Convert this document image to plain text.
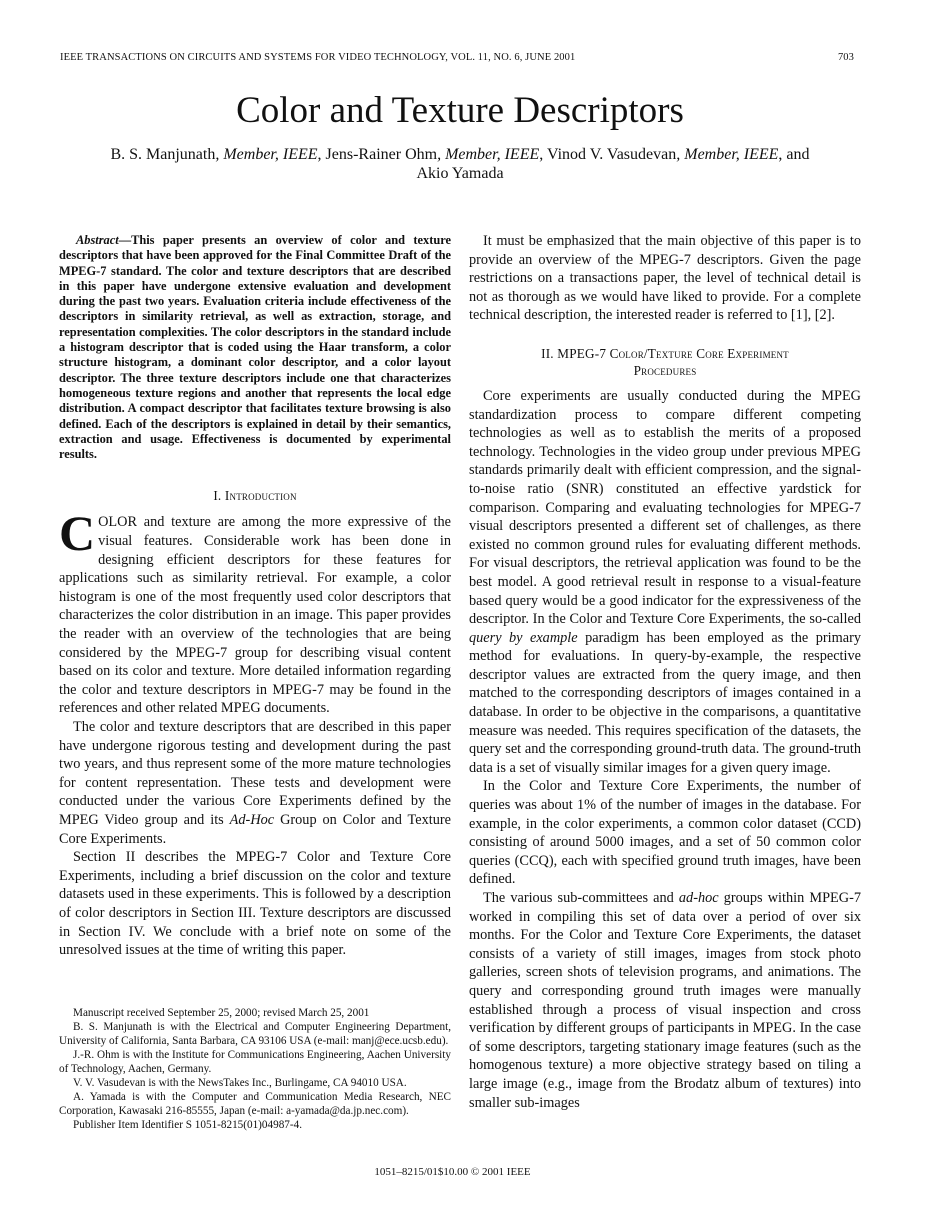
IEEE TRANSACTIONS ON CIRCUITS AND SYSTEMS FOR VIDEO TECHNOLOGY, VOL. 11, NO. 6, JUNE 2001	703
Color and Texture Descriptors
B. S. Manjunath, Member, IEEE, Jens-Rainer Ohm, Member, IEEE, Vinod V. Vasudevan, Member, IEEE, and
Akio Yamada

Abstract—This paper presents an overview of color and texture descriptors that have been approved for the Final Committee Draft of the MPEG-7 standard. The color and texture descriptors that are described in this paper have undergone extensive evaluation and development during the past two years. Evaluation criteria include effectiveness of the descriptors in similarity retrieval, as well as extraction, storage, and representation complexities. The color descriptors in the standard include a histogram descriptor that is coded using the Haar transform, a color structure histogram, a dominant color descriptor, and a color layout descriptor. The three texture descriptors include one that characterizes homogeneous texture regions and another that represents the local edge distribution. A compact descriptor that facilitates texture browsing is also defined. Each of the descriptors is explained in detail by their semantics, extraction and usage. Effectiveness is documented by experimental results.

I. Introduction

COLOR and texture are among the more expressive of the visual features. Considerable work has been done in designing efficient descriptors for these features for applications such as similarity retrieval. For example, a color histogram is one of the most frequently used color descriptors that characterizes the color distribution in an image. This paper provides the reader with an overview of the technologies that are being considered by the MPEG-7 group for describing visual content based on its color and texture. More detailed information regarding the color and texture descriptors in MPEG-7 may be found in the references and other related MPEG documents.

The color and texture descriptors that are described in this paper have undergone rigorous testing and development during the past two years, and thus represent some of the more mature technologies for content representation. These tests and development were conducted under the various Core Experiments defined by the MPEG Video group and its Ad-Hoc Group on Color and Texture Core Experiments.

Section II describes the MPEG-7 Color and Texture Core Experiments, including a brief discussion on the color and texture datasets used in these experiments. This is followed by a description of color descriptors in Section III. Texture descriptors are discussed in Section IV. We conclude with a brief note on some of the unresolved issues at the time of writing this paper.

Manuscript received September 25, 2000; revised March 25, 2001

B. S. Manjunath is with the Electrical and Computer Engineering Department, University of California, Santa Barbara, CA 93106 USA (e-mail: manj@ece.ucsb.edu).

J.-R. Ohm is with the Institute for Communications Engineering, Aachen University of Technology, Aachen, Germany.

V. V. Vasudevan is with the NewsTakes Inc., Burlingame, CA 94010 USA.

A. Yamada is with the Computer and Communication Media Research, NEC Corporation, Kawasaki 216-85555, Japan (e-mail: a-yamada@da.jp.nec.com).

Publisher Item Identifier S 1051-8215(01)04987-4.

It must be emphasized that the main objective of this paper is to provide an overview of the MPEG-7 descriptors. Given the page restrictions on a transactions paper, the level of technical detail is not as thorough as we would have liked to provide. For a complete technical description, the interested reader is referred to [1], [2].

II. MPEG-7 Color/Texture Core Experiment
Procedures

Core experiments are usually conducted during the MPEG standardization process to compare different competing technologies as well as to establish the merits of a proposed technology. Technologies in the video group under previous MPEG standards primarily dealt with efficient compression, and the signal-to-noise ratio (SNR) constituted an effective yardstick for comparison. Comparing and evaluating technologies for MPEG-7 visual descriptors presented a different set of challenges, as there existed no common ground rules for evaluating different methods. For visual descriptors, the retrieval application was found to be the best model. A good retrieval result in response to a visual-feature based query would be a good indicator for the expressiveness of the descriptor. In the Color and Texture Core Experiments, the so-called query by example paradigm has been employed as the primary method for evaluations. In query-by-example, the respective descriptor values are extracted from the query image, and then matched to the corresponding descriptors of images contained in a database. In order to be objective in the comparisons, a quantitative measure was needed. This requires specification of the datasets, the query set and the corresponding ground-truth data. The ground-truth data is a set of visually similar images for a given query image.

In the Color and Texture Core Experiments, the number of queries was about 1% of the number of images in the database. For example, in the color experiments, a common color dataset (CCD) consisting of around 5000 images, and a set of 50 common color queries (CCQ), each with specified ground truth images, have been defined.

The various sub-committees and ad-hoc groups within MPEG-7 worked in compiling this set of data over a period of over six months. For the Color and Texture Core Experiments, the dataset consists of a variety of still images, images from stock photo galleries, screen shots of television programs, and animations. The query and corresponding ground truth images were manually established through a process of visual inspection and cross verification by different groups of participants in MPEG. In the case of some descriptors, targeting stationary image features (such as the homogenous texture) a more objective strategy based on tiling a large image (e.g., image from the Brodatz album of textures) into smaller sub-images

1051–8215/01$10.00 © 2001 IEEE
